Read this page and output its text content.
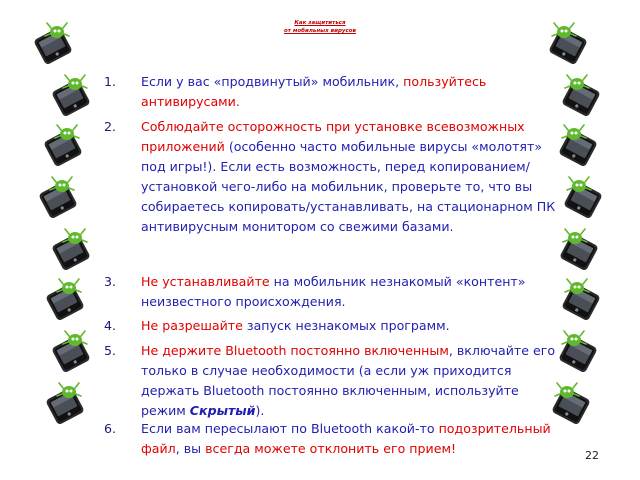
Как защититься
от мобильных вирусов
1. Если у вас «продвинутый» мобильник, пользуйтесь антивирусами.
2. Соблюдайте осторожность при установке всевозможных приложений (особенно часто мобильные вирусы «молотят» под игры!). Если есть возможность, перед копированием/установкой чего-либо на мобильник, проверьте то, что вы собираетесь копировать/устанавливать, на стационарном ПК антивирусным монитором со свежими базами.
3. Не устанавливайте на мобильник незнакомый «контент» неизвестного происхождения.
4. Не разрешайте запуск незнакомых программ.
5. Не держите Bluetooth постоянно включенным, включайте его только в случае необходимости (а если уж приходится держать Bluetooth постоянно включенным, используйте режим Скрытый).
6. Если вам пересылают по Bluetooth какой-то подозрительный файл, вы всегда можете отклонить его прием!	22
